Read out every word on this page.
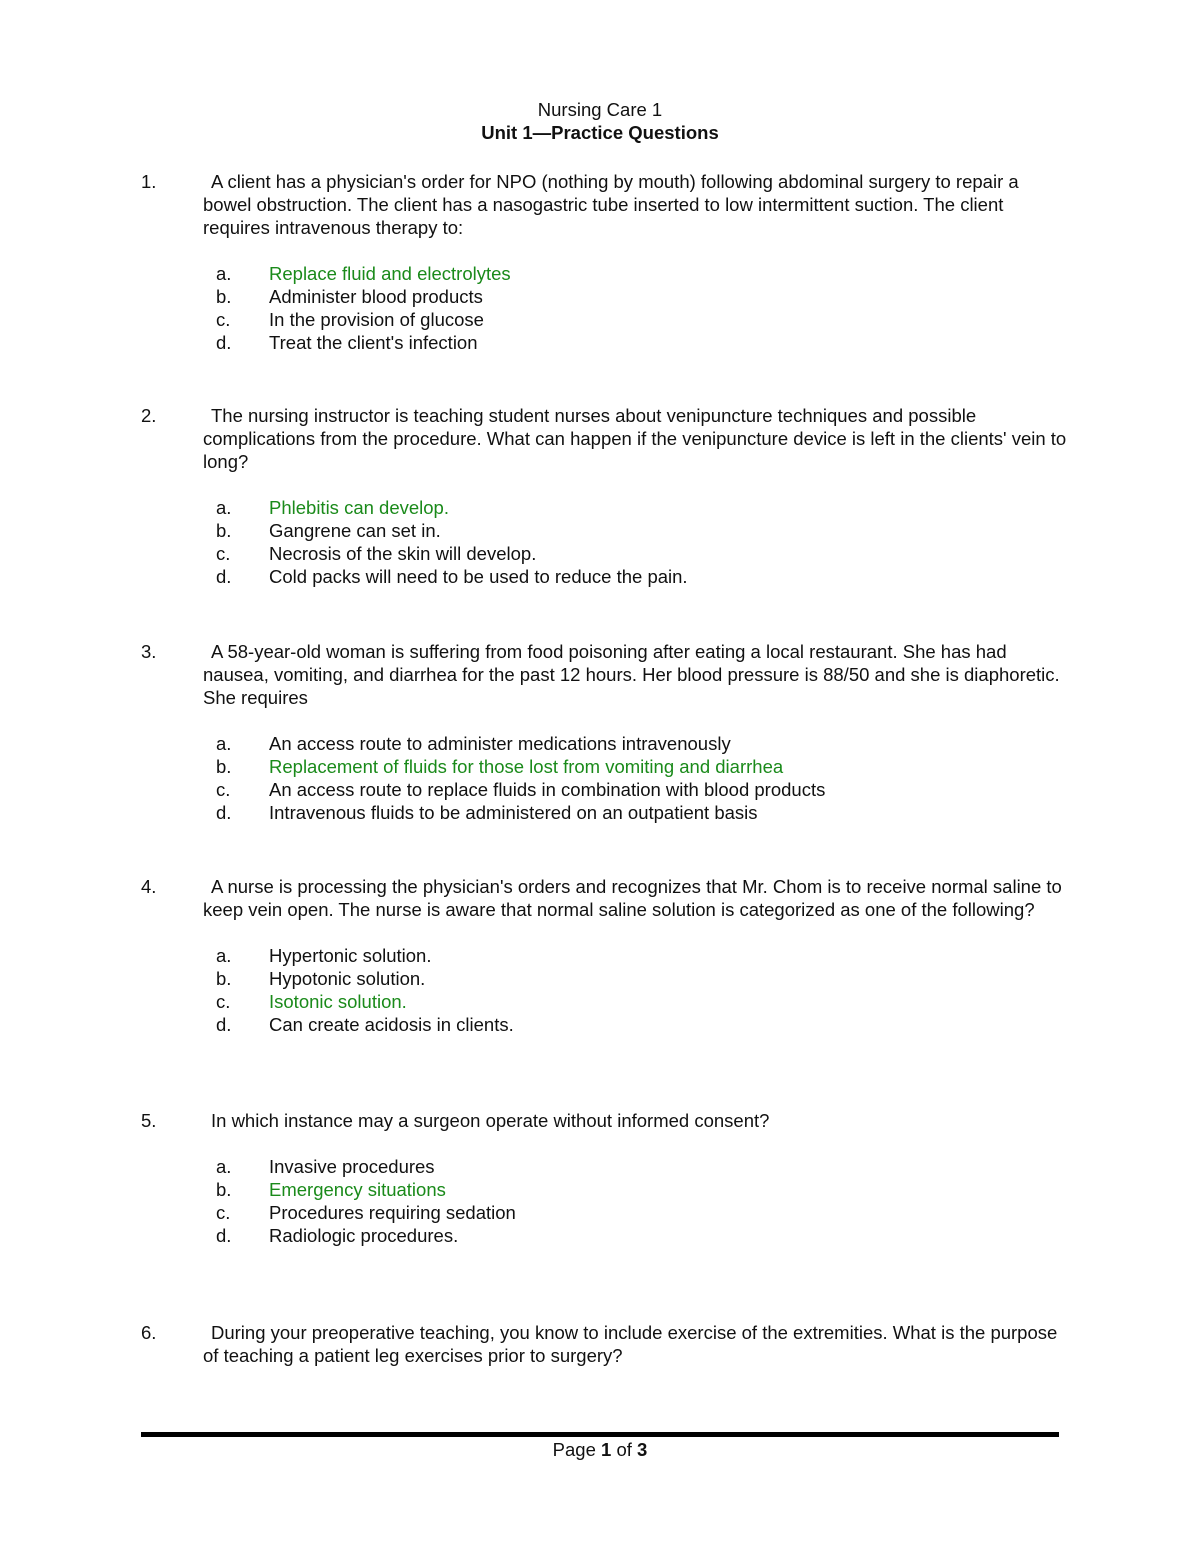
Nursing Care 1
Unit 1—Practice Questions
1.	A client has a physician's order for NPO (nothing by mouth) following abdominal surgery to repair a bowel obstruction. The client has a nasogastric tube inserted to low intermittent suction. The client requires intravenous therapy to:
a. Replace fluid and electrolytes
b. Administer blood products
c. In the provision of glucose
d. Treat the client's infection
2.	The nursing instructor is teaching student nurses about venipuncture techniques and possible complications from the procedure. What can happen if the venipuncture device is left in the clients' vein to long?
a. Phlebitis can develop.
b. Gangrene can set in.
c. Necrosis of the skin will develop.
d. Cold packs will need to be used to reduce the pain.
3.	A 58-year-old woman is suffering from food poisoning after eating a local restaurant. She has had nausea, vomiting, and diarrhea for the past 12 hours. Her blood pressure is 88/50 and she is diaphoretic. She requires
a. An access route to administer medications intravenously
b. Replacement of fluids for those lost from vomiting and diarrhea
c. An access route to replace fluids in combination with blood products
d. Intravenous fluids to be administered on an outpatient basis
4.	A nurse is processing the physician's orders and recognizes that Mr. Chom is to receive normal saline to keep vein open. The nurse is aware that normal saline solution is categorized as one of the following?
a. Hypertonic solution.
b. Hypotonic solution.
c. Isotonic solution.
d. Can create acidosis in clients.
5.	In which instance may a surgeon operate without informed consent?
a. Invasive procedures
b. Emergency situations
c. Procedures requiring sedation
d. Radiologic procedures.
6.	During your preoperative teaching, you know to include exercise of the extremities. What is the purpose of teaching a patient leg exercises prior to surgery?
Page 1 of 3
